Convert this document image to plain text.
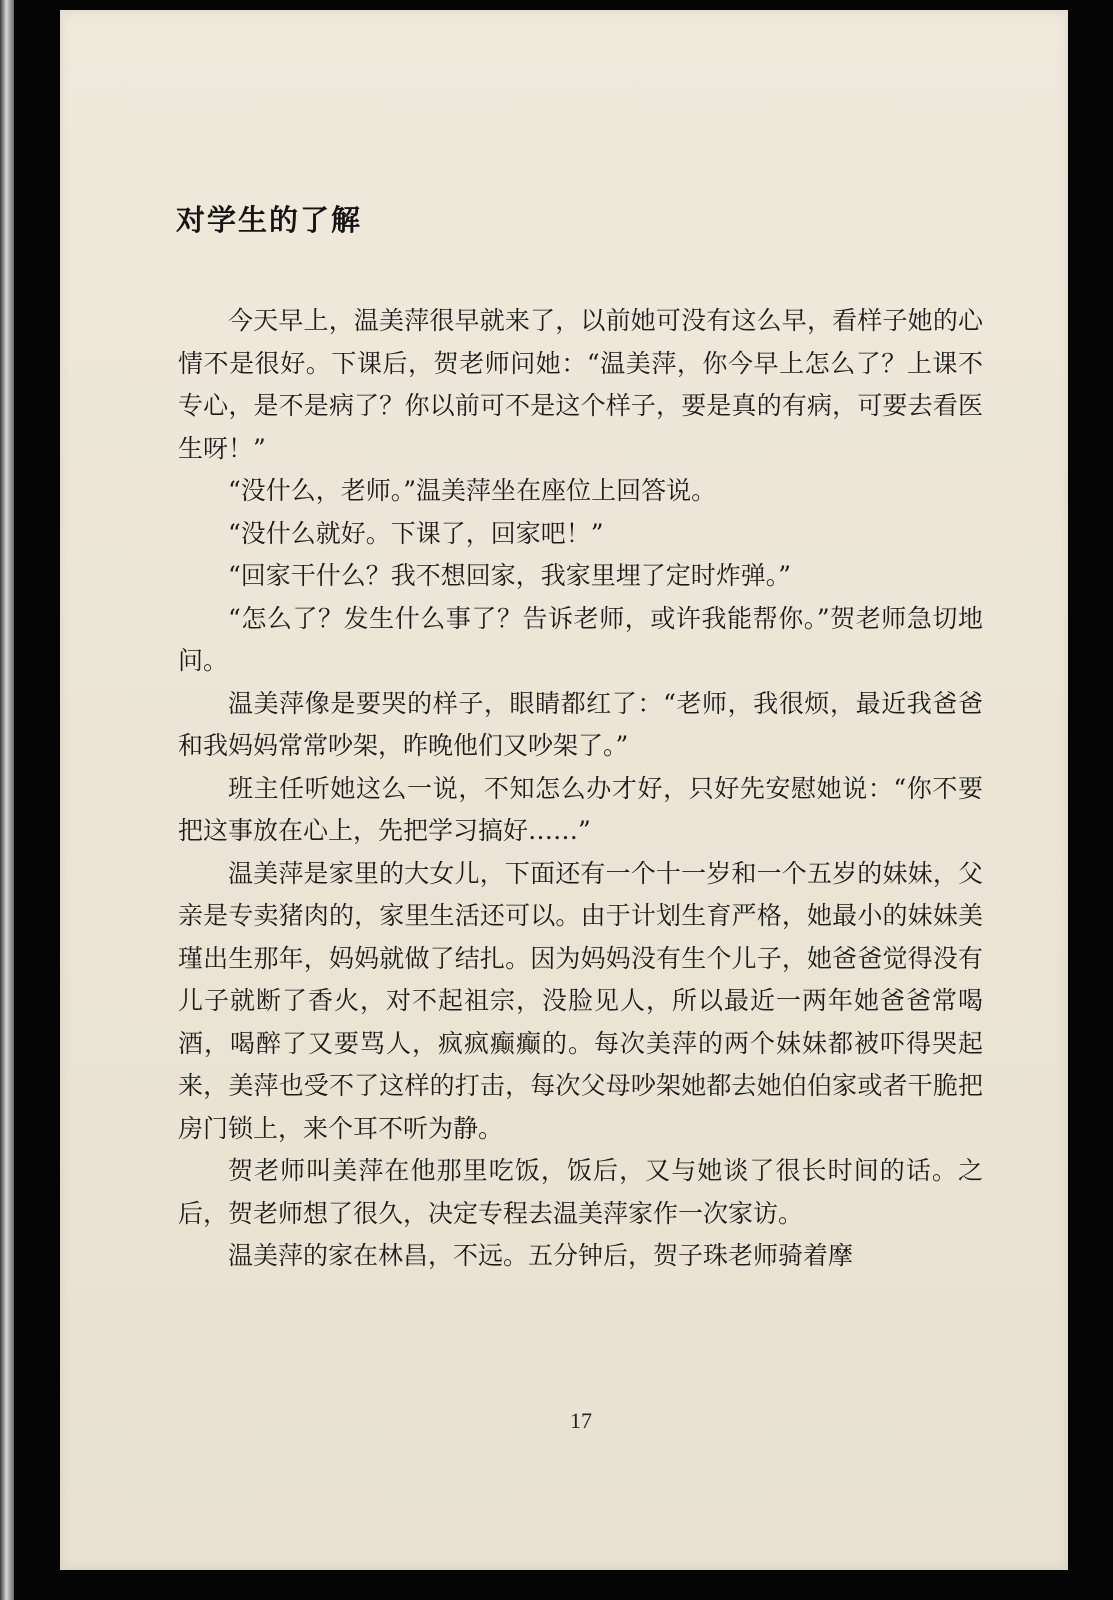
对学生的了解

今天早上，温美萍很早就来了，以前她可没有这么早，看样子她的心情不是很好。下课后，贺老师问她：“温美萍，你今早上怎么了？上课不专心，是不是病了？你以前可不是这个样子，要是真的有病，可要去看医生呀！”

“没什么，老师。”温美萍坐在座位上回答说。

“没什么就好。下课了，回家吧！”

“回家干什么？我不想回家，我家里埋了定时炸弹。”

“怎么了？发生什么事了？告诉老师，或许我能帮你。”贺老师急切地问。

温美萍像是要哭的样子，眼睛都红了：“老师，我很烦，最近我爸爸和我妈妈常常吵架，昨晚他们又吵架了。”

班主任听她这么一说，不知怎么办才好，只好先安慰她说：“你不要把这事放在心上，先把学习搞好……”

温美萍是家里的大女儿，下面还有一个十一岁和一个五岁的妹妹，父亲是专卖猪肉的，家里生活还可以。由于计划生育严格，她最小的妹妹美瑾出生那年，妈妈就做了结扎。因为妈妈没有生个儿子，她爸爸觉得没有儿子就断了香火，对不起祖宗，没脸见人，所以最近一两年她爸爸常喝酒，喝醉了又要骂人，疯疯癫癫的。每次美萍的两个妹妹都被吓得哭起来，美萍也受不了这样的打击，每次父母吵架她都去她伯伯家或者干脆把房门锁上，来个耳不听为静。

贺老师叫美萍在他那里吃饭，饭后，又与她谈了很长时间的话。之后，贺老师想了很久，决定专程去温美萍家作一次家访。

温美萍的家在林昌，不远。五分钟后，贺子珠老师骑着摩

17
